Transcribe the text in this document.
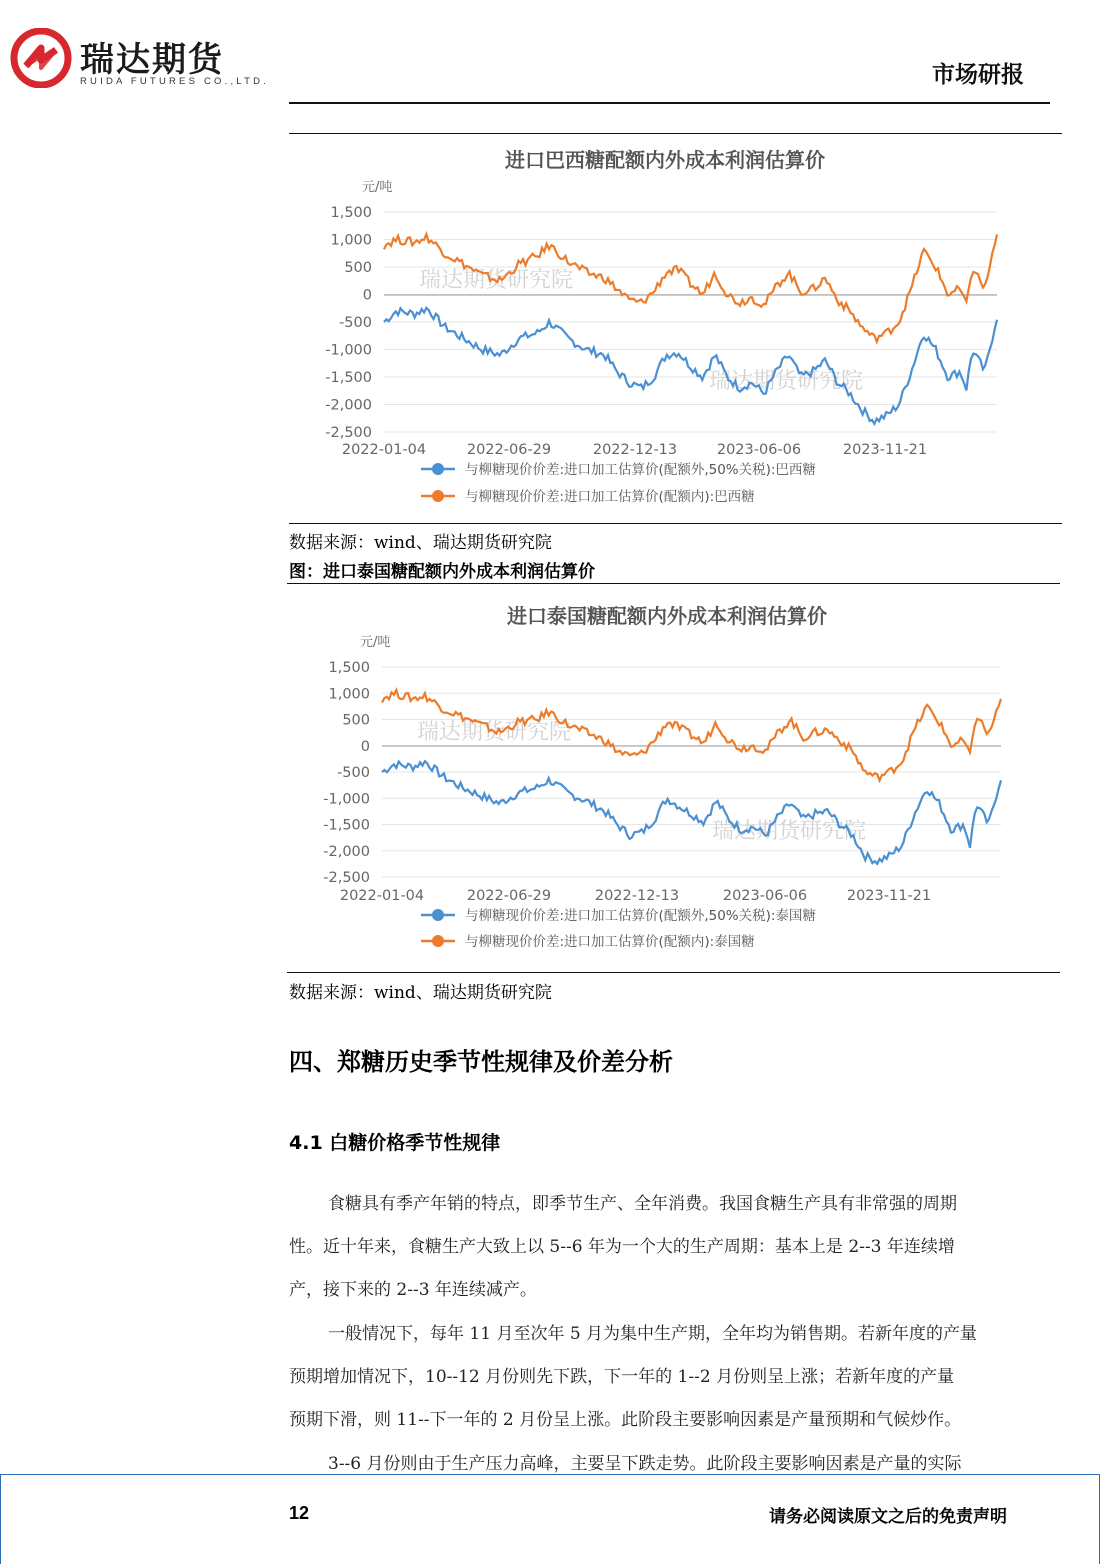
瑞达期货
RUIDA FUTURES CO.,LTD.	市场研报
进口巴西糖配额内外成本利润估算价
元/吨
1,500
1,000
500
0
-500
-1,000
-1,500
-2,000
-2,500
2022-01-04	2022-06-29	2022-12-13	2023-06-06	2023-11-21
瑞达期货研究院
瑞达期货研究院
与柳糖现价价差:进口加工估算价(配额外,50%关税):巴西糖
与柳糖现价价差:进口加工估算价(配额内):巴西糖
数据来源：wind、瑞达期货研究院
图：进口泰国糖配额内外成本利润估算价
进口泰国糖配额内外成本利润估算价
元/吨
1,500
1,000
500
0
-500
-1,000
-1,500
-2,000
-2,500
2022-01-04	2022-06-29	2022-12-13	2023-06-06	2023-11-21
瑞达期货研究院
瑞达期货研究院
与柳糖现价价差:进口加工估算价(配额外,50%关税):泰国糖
与柳糖现价价差:进口加工估算价(配额内):泰国糖
数据来源：wind、瑞达期货研究院
四、郑糖历史季节性规律及价差分析
4.1 白糖价格季节性规律
食糖具有季产年销的特点，即季节生产、全年消费。我国食糖生产具有非常强的周期
性。近十年来，食糖生产大致上以 5--6 年为一个大的生产周期：基本上是 2--3 年连续增
产，接下来的 2--3 年连续减产。
一般情况下，每年 11 月至次年 5 月为集中生产期，全年均为销售期。若新年度的产量
预期增加情况下，10--12 月份则先下跌，下一年的 1--2 月份则呈上涨；若新年度的产量
预期下滑，则 11--下一年的 2 月份呈上涨。此阶段主要影响因素是产量预期和气候炒作。
3--6 月份则由于生产压力高峰，主要呈下跌走势。此阶段主要影响因素是产量的实际
12	请务必阅读原文之后的免责声明
